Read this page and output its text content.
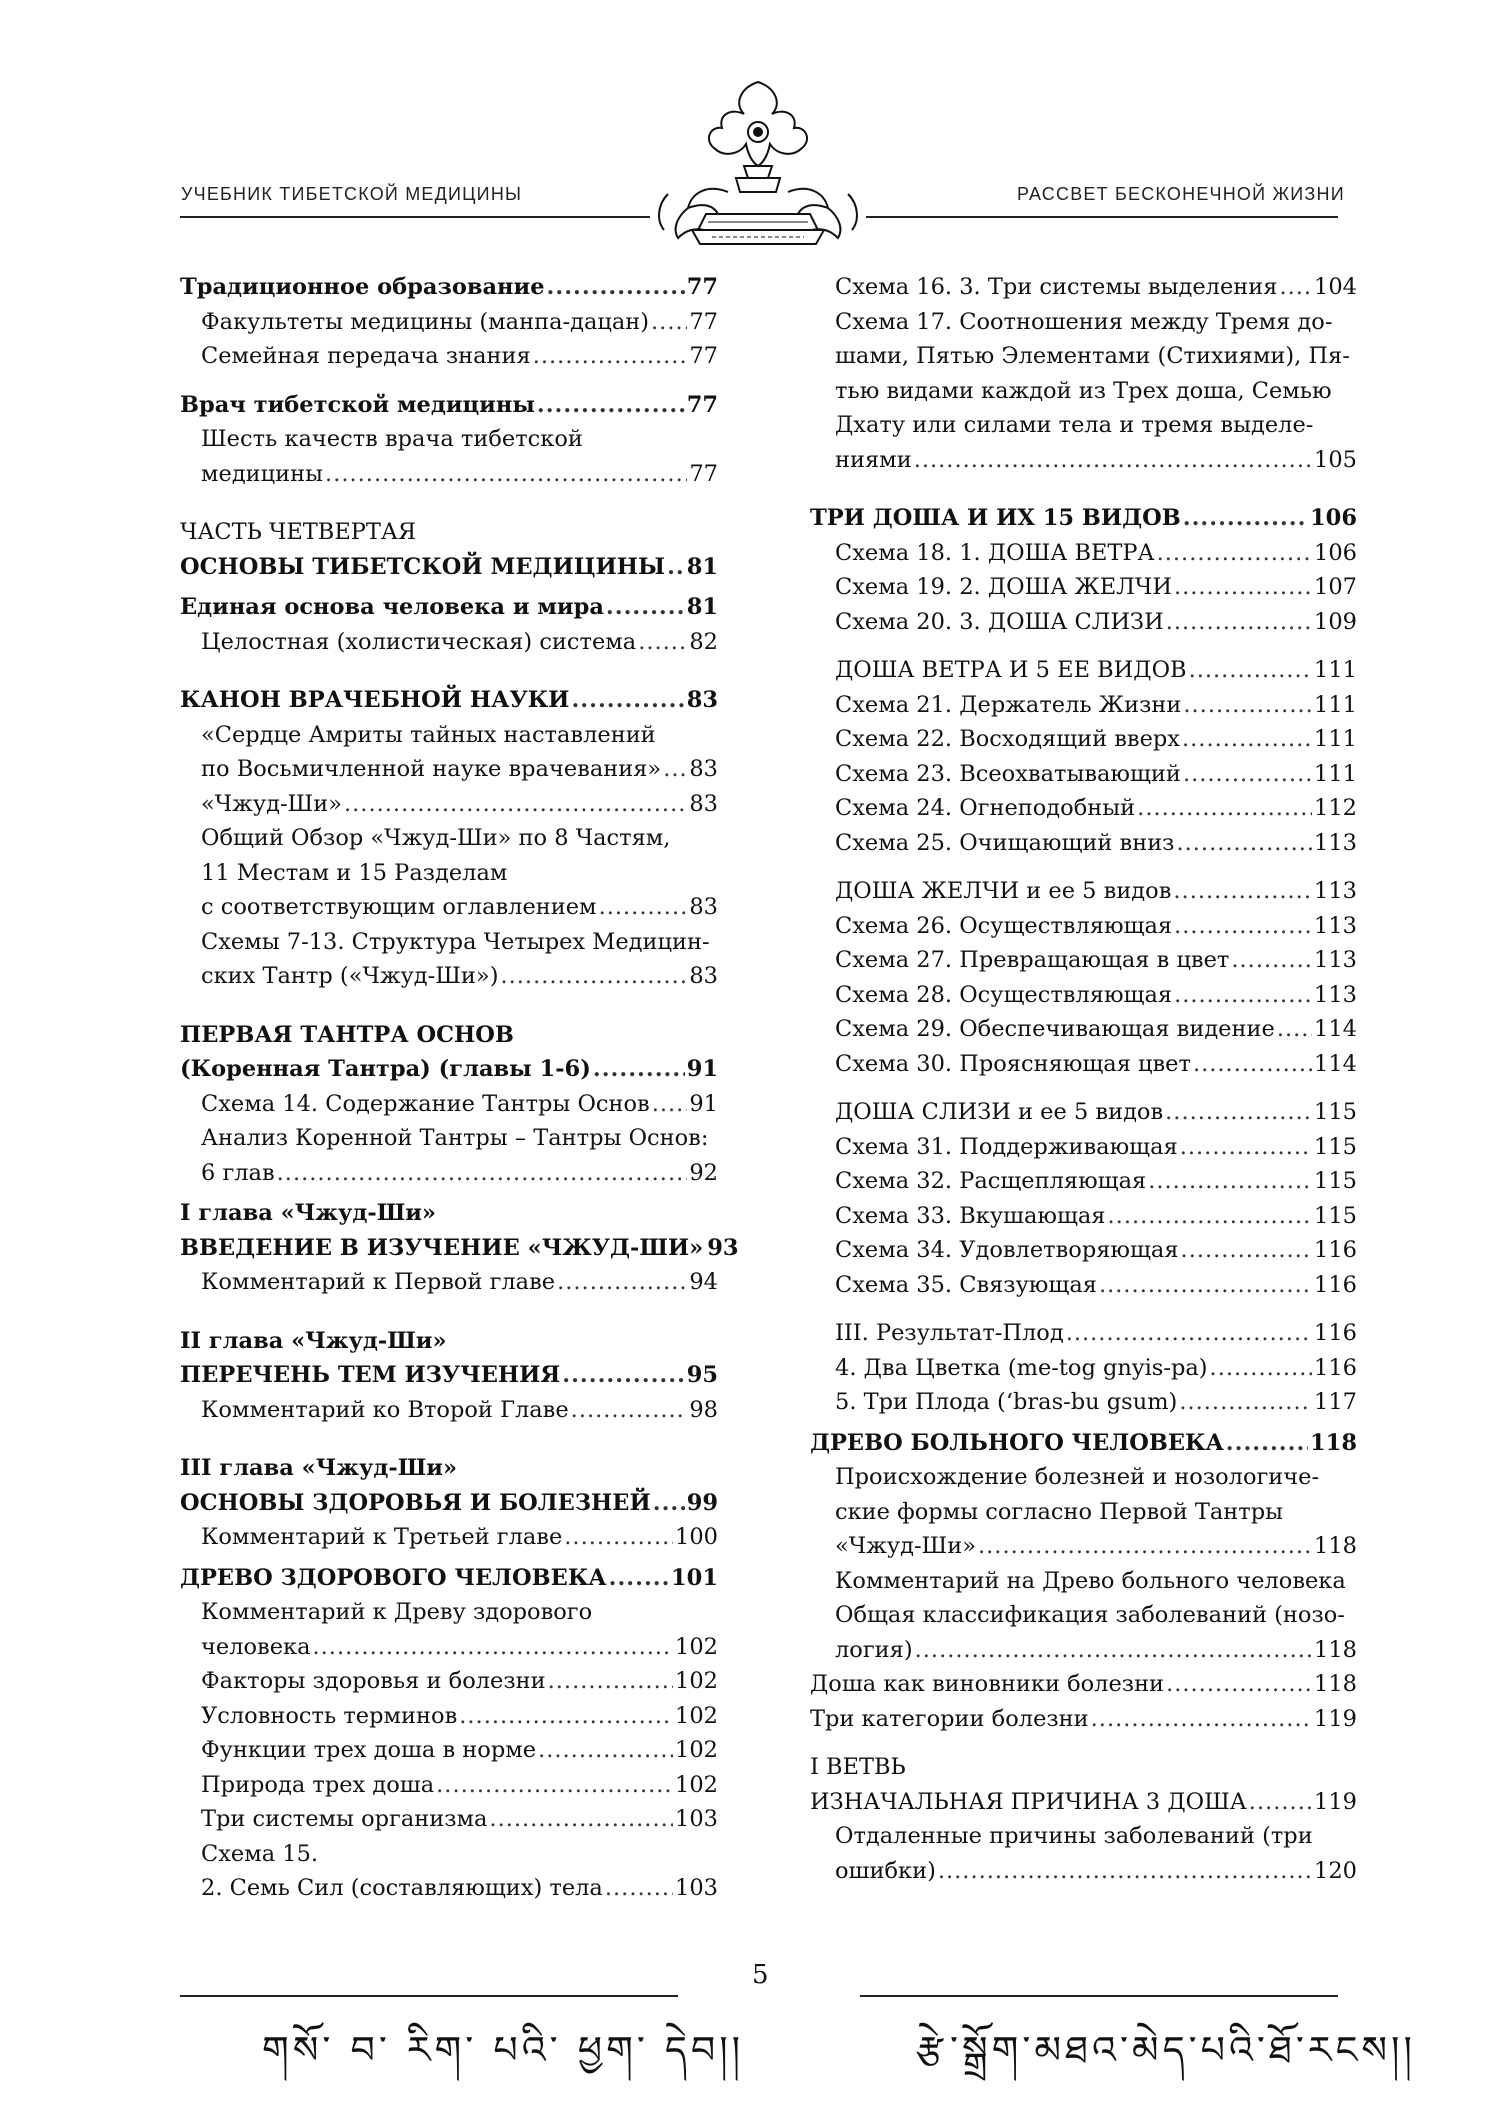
УЧЕБНИК ТИБЕТСКОЙ МЕДИЦИНЫ	РАССВЕТ БЕСКОНЕЧНОЙ ЖИЗНИ
Традиционное образование .....	77
Факультеты медицины (манпа-дацан) ..... 77
Семейная передача знания .....	77
Врач тибетской медицины .....	77
Шесть качеств врача тибетской
медицины .....	77
ЧАСТЬ ЧЕТВЕРТАЯ
ОСНОВЫ ТИБЕТСКОЙ МЕДИЦИНЫ ..... 81
Единая основа человека и мира .....	81
Целостная (холистическая) система ..... 82
КАНОН ВРАЧЕБНОЙ НАУКИ .....	83
«Сердце Амриты тайных наставлений
по Восьмичленной науке врачевания» ..... 83
«Чжуд-Ши» .....	83
Общий Обзор «Чжуд-Ши» по 8 Частям,
11 Местам и 15 Разделам
с соответствующим оглавлением .....	83
Схемы 7-13. Структура Четырех Медицин-
ских Тантр («Чжуд-Ши») .....	83
ПЕРВАЯ ТАНТРА ОСНОВ
(Коренная Тантра) (главы 1-6) .....	91
Схема 14. Содержание Тантры Основ ..... 91
Анализ Коренной Тантры – Тантры Основ:
6 глав .....	92
I глава «Чжуд-Ши»
ВВЕДЕНИЕ В ИЗУЧЕНИЕ «ЧЖУД-ШИ» 93
Комментарий к Первой главе .....	94
II глава «Чжуд-Ши»
ПЕРЕЧЕНЬ ТЕМ ИЗУЧЕНИЯ .....	95
Комментарий ко Второй Главе .....	98
III глава «Чжуд-Ши»
ОСНОВЫ ЗДОРОВЬЯ И БОЛЕЗНЕЙ ..... 99
Комментарий к Третьей главе .....	100
ДРЕВО ЗДОРОВОГО ЧЕЛОВЕКА .....	101
Комментарий к Древу здорового
человека .....	102
Факторы здоровья и болезни .....	102
Условность терминов .....	102
Функции трех доша в норме .....	102
Природа трех доша .....	102
Три системы организма .....	103
Схема 15.
2. Семь Сил (составляющих) тела .....	103
Схема 16. 3. Три системы выделения ..... 104
Схема 17. Соотношения между Тремя до-
шами, Пятью Элементами (Стихиями), Пя-
тью видами каждой из Трех доша, Семью
Дхату или силами тела и тремя выделе-
ниями .....	105
ТРИ ДОША И ИХ 15 ВИДОВ .....	106
Схема 18. 1. ДОША ВЕТРА .....	106
Схема 19. 2. ДОША ЖЕЛЧИ .....	107
Схема 20. 3. ДОША СЛИЗИ .....	109
ДОША ВЕТРА И 5 ЕЕ ВИДОВ .....	111
Схема 21. Держатель Жизни .....	111
Схема 22. Восходящий вверх .....	111
Схема 23. Всеохватывающий .....	111
Схема 24. Огнеподобный .....	112
Схема 25. Очищающий вниз .....	113
ДОША ЖЕЛЧИ и ее 5 видов .....	113
Схема 26. Осуществляющая .....	113
Схема 27. Превращающая в цвет .....	113
Схема 28. Осуществляющая .....	113
Схема 29. Обеспечивающая видение ..... 114
Схема 30. Проясняющая цвет .....	114
ДОША СЛИЗИ и ее 5 видов .....	115
Схема 31. Поддерживающая .....	115
Схема 32. Расщепляющая .....	115
Схема 33. Вкушающая .....	115
Схема 34. Удовлетворяющая .....	116
Схема 35. Связующая .....	116
III. Результат-Плод .....	116
4. Два Цветка (me-tog gnyis-pa) .....	116
5. Три Плода (‘bras-bu gsum) .....	117
ДРЕВО БОЛЬНОГО ЧЕЛОВЕКА .....	118
Происхождение болезней и нозологиче-
ские формы согласно Первой Тантры
«Чжуд-Ши» .....	118
Комментарий на Древо больного человека
Общая классификация заболеваний (нозо-
логия) .....	118
Доша как виновники болезни .....	118
Три категории болезни .....	119
I ВЕТВЬ
ИЗНАЧАЛЬНАЯ ПРИЧИНА 3 ДОША .....	119
Отдаленные причины заболеваний (три
ошибки) .....	120
5
གསོ་ བ་ རིག་ པའི་ ཕྱག་ དེབ།།	རྩེ་སྒྲོག་མཐའ་མེད་པའི་ཐོ་རངས།།
